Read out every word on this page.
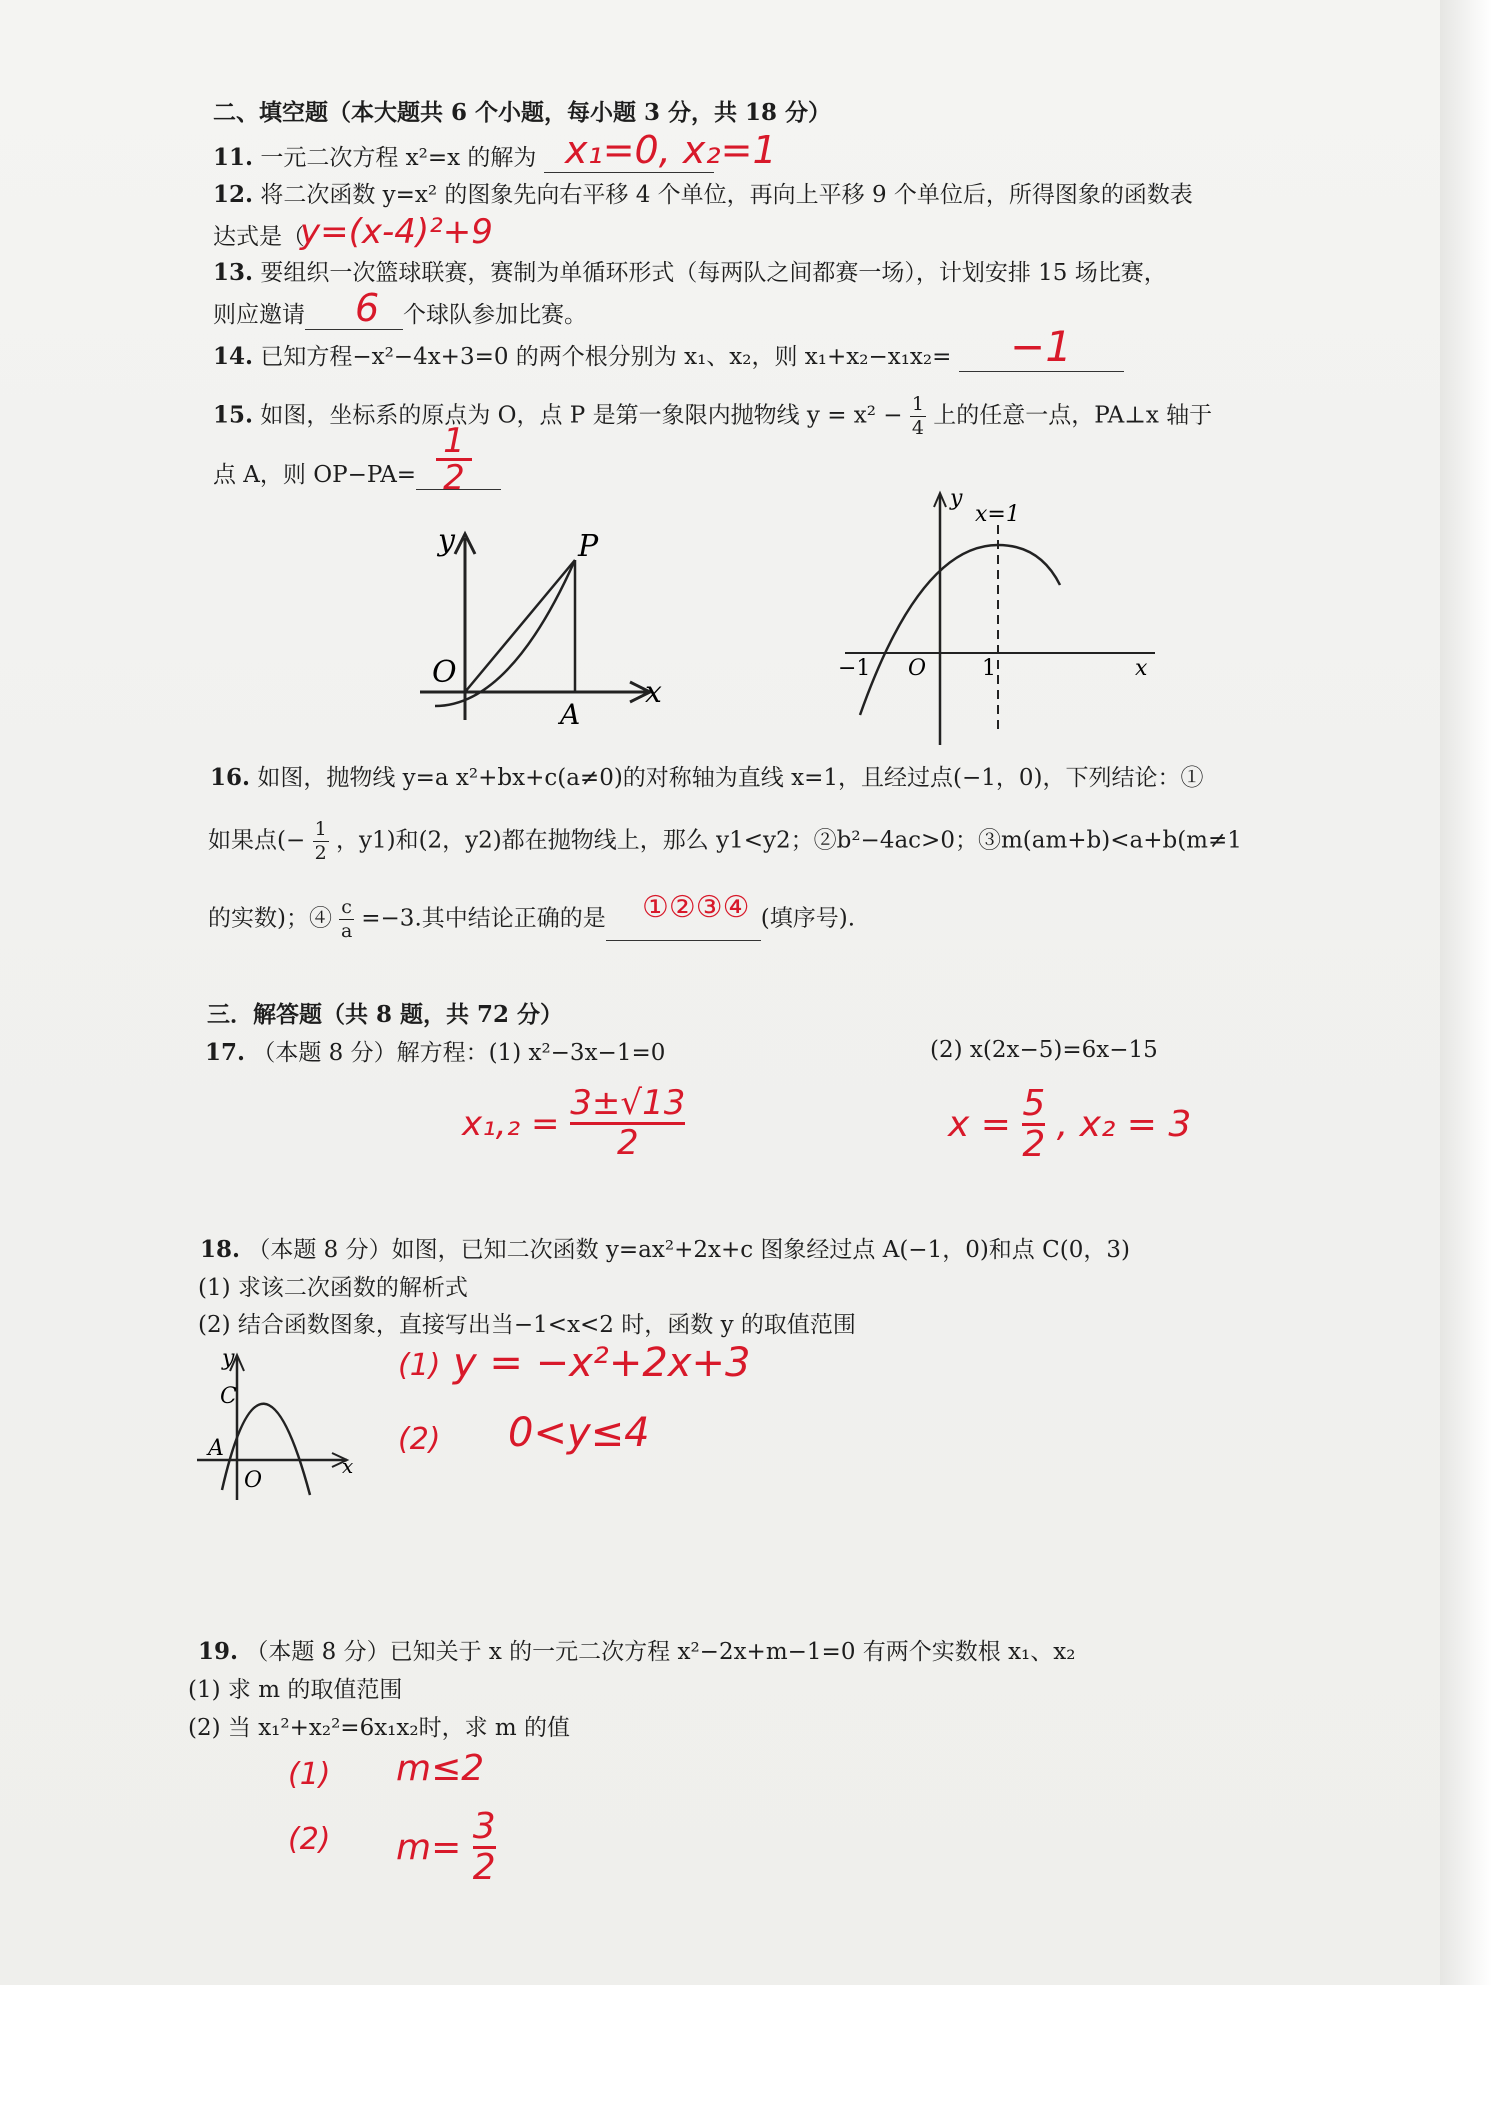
二、填空题（本大题共 6 个小题，每小题 3 分，共 18 分）
11. 一元二次方程 x²=x 的解为 x₁=0, x₂=1
12. 将二次函数 y=x² 的图象先向右平移 4 个单位，再向上平移 9 个单位后，所得图象的函数表
达式是（
y=(x-4)²+9
13. 要组织一次篮球联赛，赛制为单循环形式（每两队之间都赛一场），计划安排 15 场比赛，
则应邀请	个球队参加比赛。
6
14. 已知方程−x²−4x+3=0 的两个根分别为 x₁、x₂，则 x₁+x₂−x₁x₂=	−1
15. 如图，坐标系的原点为 O，点 P 是第一象限内抛物线 $y = x^2 - \frac{1}{4}$ 上的任意一点，PA⊥x 轴于
点 A，则 OP−PA=
1
2
y
O
P
A
x
y
x=1
−1 O	1	x
16. 如图，抛物线 y=a x²+bx+c(a≠0)的对称轴为直线 x=1，且经过点(−1，0)，下列结论：①
如果点(− $\frac{1}{2}$ ，y1)和(2，y2)都在抛物线上，那么 y1<y2；②b²−4ac>0；③m(am+b)<a+b(m≠1
的实数)；④ $\frac{c}{a} =-3$.其中结论正确的是	(填序号).
①②③④
三．解答题（共 8 题，共 72 分）
17. （本题 8 分）解方程：(1) x²−3x−1=0	(2) x(2x−5)=6x−15
$x_1,_2 = \frac{3\pm√13}{2}$	$x = \frac{5}{2}$ , x₂ = 3
18. （本题 8 分）如图，已知二次函数 y=ax²+2x+c 图象经过点 A(−1，0)和点 C(0，3)
(1) 求该二次函数的解析式
(2) 结合函数图象，直接写出当−1<x<2 时，函数 y 的取值范围
y
C
A
O
x
(1) y = −x²+2x+3
(2) 0<y≤4
19. （本题 8 分）已知关于 x 的一元二次方程 x²−2x+m−1=0 有两个实数根 x₁、x₂
(1) 求 m 的取值范围
(2) 当 x₁²+x₂²=6x₁x₂时，求 m 的值
(1) m≤2
(2) $m= \frac{3}{2}$
